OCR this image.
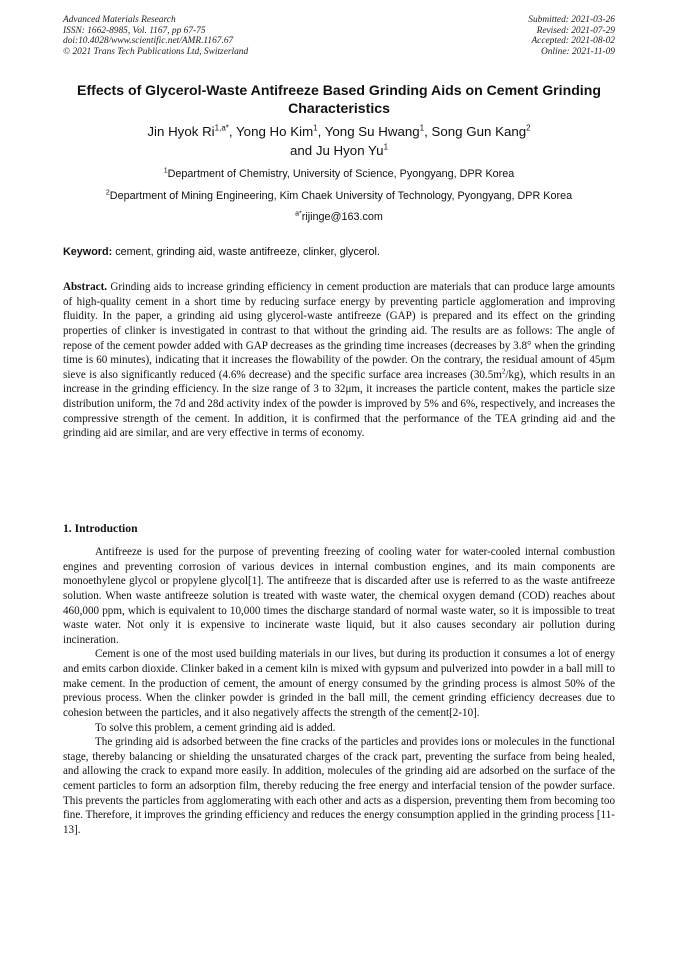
Advanced Materials Research
ISSN: 1662-8985, Vol. 1167, pp 67-75
doi:10.4028/www.scientific.net/AMR.1167.67
© 2021 Trans Tech Publications Ltd, Switzerland
Submitted: 2021-03-26
Revised: 2021-07-29
Accepted: 2021-08-02
Online: 2021-11-09
Effects of Glycerol-Waste Antifreeze Based Grinding Aids on Cement Grinding Characteristics
Jin Hyok $Ri^{1,a*}$, Yong Ho Kim$^1$, Yong Su Hwang$^1$, Song Gun Kang$^2$
and Ju Hyon Yu$^1$
$^1$Department of Chemistry, University of Science, Pyongyang, DPR Korea
$^2$Department of Mining Engineering, Kim Chaek University of Technology, Pyongyang, DPR Korea
$^{a*}$rijinge@163.com
Keyword: cement, grinding aid, waste antifreeze, clinker, glycerol.
Abstract. Grinding aids to increase grinding efficiency in cement production are materials that can produce large amounts of high-quality cement in a short time by reducing surface energy by preventing particle agglomeration and improving fluidity. In the paper, a grinding aid using glycerol-waste antifreeze (GAP) is prepared and its effect on the grinding properties of clinker is investigated in contrast to that without the grinding aid. The results are as follows: The angle of repose of the cement powder added with GAP decreases as the grinding time increases (decreases by 3.8° when the grinding time is 60 minutes), indicating that it increases the flowability of the powder. On the contrary, the residual amount of 45μm sieve is also significantly reduced (4.6% decrease) and the specific surface area increases $(30.5m^2/kg)$, which results in an increase in the grinding efficiency. In the size range of 3 to 32μm, it increases the particle content, makes the particle size distribution uniform, the 7d and 28d activity index of the powder is improved by 5% and 6%, respectively, and increases the compressive strength of the cement. In addition, it is confirmed that the performance of the TEA grinding aid and the grinding aid are similar, and are very effective in terms of economy.
1. Introduction

Antifreeze is used for the purpose of preventing freezing of cooling water for water-cooled internal combustion engines and preventing corrosion of various devices in internal combustion engines, and its main components are monoethylene glycol or propylene glycol[1]. The antifreeze that is discarded after use is referred to as the waste antifreeze solution. When waste antifreeze solution is treated with waste water, the chemical oxygen demand (COD) reaches about 460,000 ppm, which is equivalent to 10,000 times the discharge standard of normal waste water, so it is impossible to treat waste water. Not only it is expensive to incinerate waste liquid, but it also causes secondary air pollution during incineration.

Cement is one of the most used building materials in our lives, but during its production it consumes a lot of energy and emits carbon dioxide. Clinker baked in a cement kiln is mixed with gypsum and pulverized into powder in a ball mill to make cement. In the production of cement, the amount of energy consumed by the grinding process is almost 50% of the previous process. When the clinker powder is grinded in the ball mill, the cement grinding efficiency decreases due to cohesion between the particles, and it also negatively affects the strength of the cement[2-10].

To solve this problem, a cement grinding aid is added.

The grinding aid is adsorbed between the fine cracks of the particles and provides ions or molecules in the functional stage, thereby balancing or shielding the unsaturated charges of the crack part, preventing the surface from being healed, and allowing the crack to expand more easily. In addition, molecules of the grinding aid are adsorbed on the surface of the cement particles to form an adsorption film, thereby reducing the free energy and interfacial tension of the powder surface. This prevents the particles from agglomerating with each other and acts as a dispersion, preventing them from becoming too fine. Therefore, it improves the grinding efficiency and reduces the energy consumption applied in the grinding process [11-13].
